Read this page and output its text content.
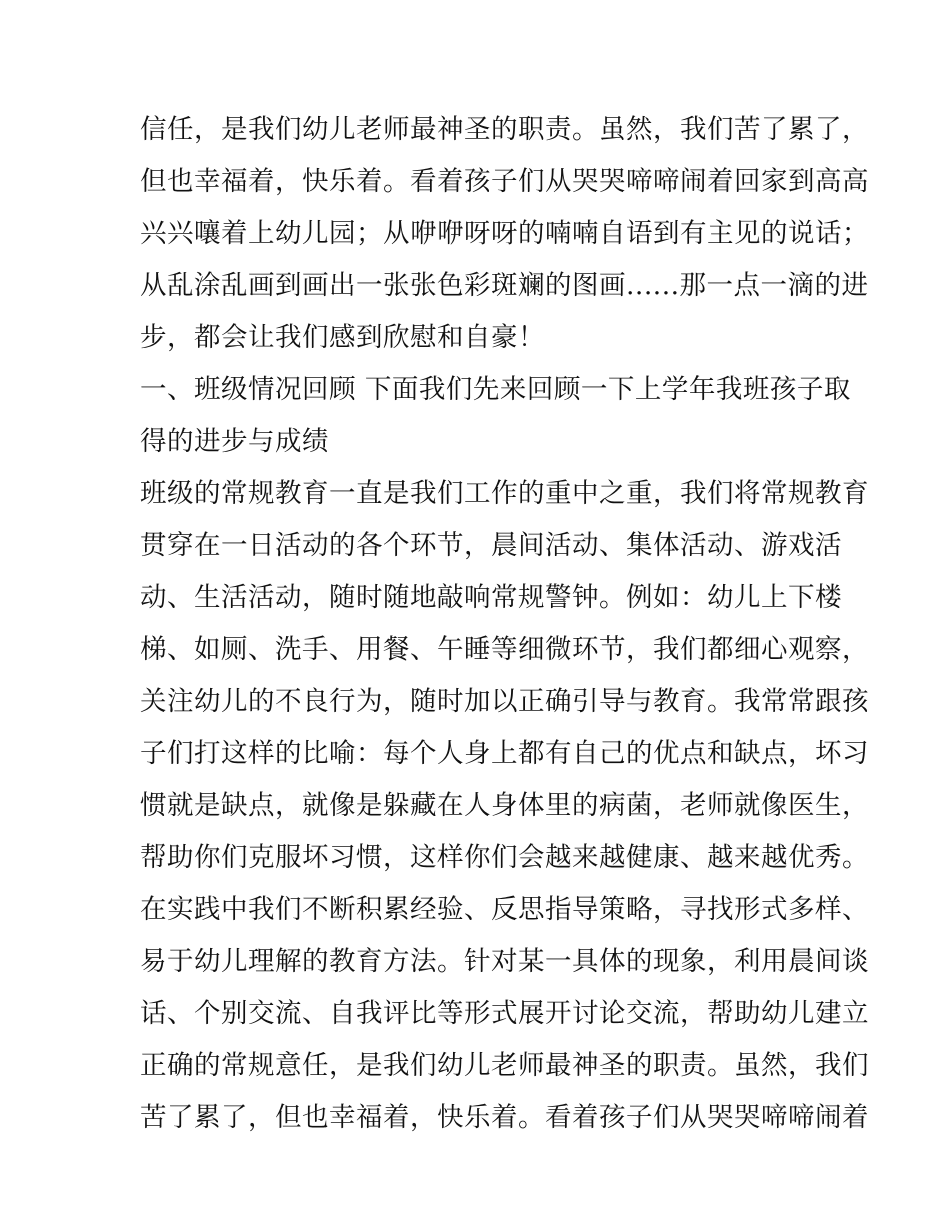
信任，是我们幼儿老师最神圣的职责。虽然，我们苦了累了，
但也幸福着，快乐着。看着孩子们从哭哭啼啼闹着回家到高高
兴兴嚷着上幼儿园；从咿咿呀呀的喃喃自语到有主见的说话；
从乱涂乱画到画出一张张色彩斑斓的图画......那一点一滴的进
步，都会让我们感到欣慰和自豪！
一、班级情况回顾 下面我们先来回顾一下上学年我班孩子取
得的进步与成绩
班级的常规教育一直是我们工作的重中之重，我们将常规教育
贯穿在一日活动的各个环节，晨间活动、集体活动、游戏活
动、生活活动，随时随地敲响常规警钟。例如：幼儿上下楼
梯、如厕、洗手、用餐、午睡等细微环节，我们都细心观察，
关注幼儿的不良行为，随时加以正确引导与教育。我常常跟孩
子们打这样的比喻：每个人身上都有自己的优点和缺点，坏习
惯就是缺点，就像是躲藏在人身体里的病菌，老师就像医生，
帮助你们克服坏习惯，这样你们会越来越健康、越来越优秀。
在实践中我们不断积累经验、反思指导策略，寻找形式多样、
易于幼儿理解的教育方法。针对某一具体的现象，利用晨间谈
话、个别交流、自我评比等形式展开讨论交流，帮助幼儿建立
正确的常规意任，是我们幼儿老师最神圣的职责。虽然，我们
苦了累了，但也幸福着，快乐着。看着孩子们从哭哭啼啼闹着
